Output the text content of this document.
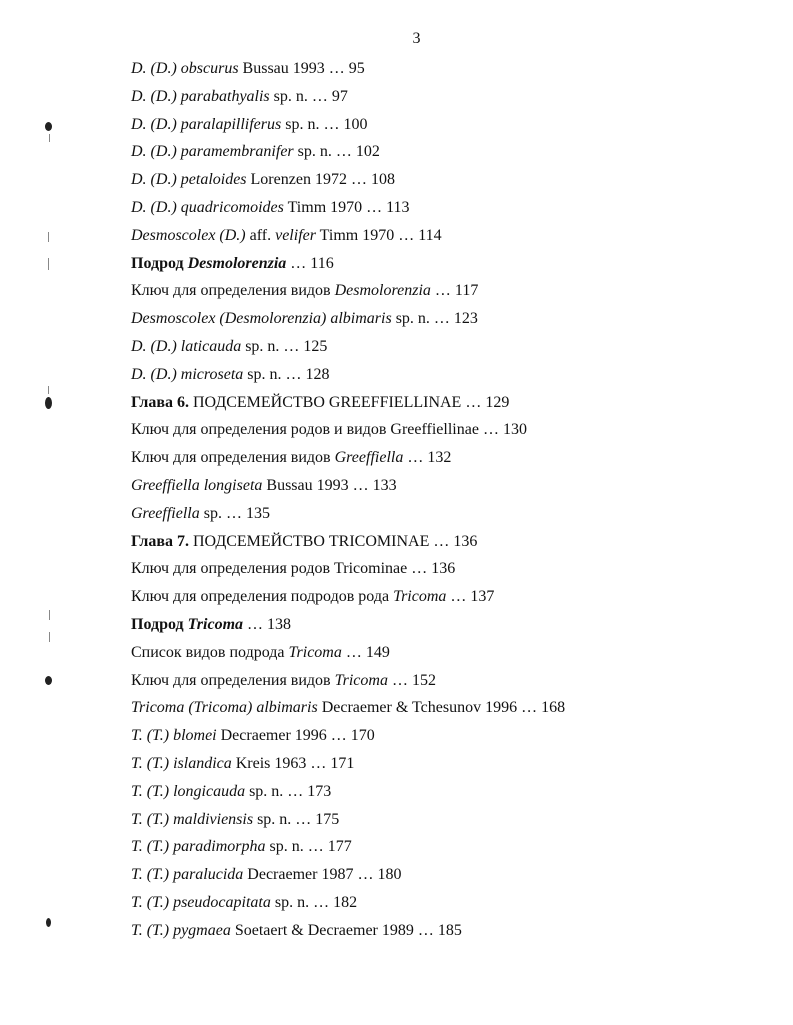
3
D. (D.) obscurus Bussau 1993 … 95
D. (D.) parabathyalis sp. n. … 97
D. (D.) paralapilliferus sp. n. … 100
D. (D.) paramembranifer sp. n. … 102
D. (D.) petaloides Lorenzen 1972 … 108
D. (D.) quadricomoides Timm 1970 … 113
Desmoscolex (D.) aff. velifer Timm 1970 … 114
Подрод Desmolorenzia … 116
Ключ для определения видов Desmolorenzia … 117
Desmoscolex (Desmolorenzia) albimaris sp. n. … 123
D. (D.) laticauda sp. n. … 125
D. (D.) microseta sp. n. … 128
Глава 6. ПОДСЕМЕЙСТВО GREEFFIELLINAE … 129
Ключ для определения родов и видов Greeffiellinae … 130
Ключ для определения видов Greeffiella … 132
Greeffiella longiseta Bussau 1993 … 133
Greeffiella sp. … 135
Глава 7. ПОДСЕМЕЙСТВО TRICOMINAE … 136
Ключ для определения родов Tricominae … 136
Ключ для определения подродов рода Tricoma … 137
Подрод Tricoma … 138
Список видов подрода Tricoma … 149
Ключ для определения видов Tricoma … 152
Tricoma (Tricoma) albimaris Decraemer & Tchesunov 1996 … 168
T. (T.) blomei Decraemer 1996 … 170
T. (T.) islandica Kreis 1963 … 171
T. (T.) longicauda sp. n. … 173
T. (T.) maldiviensis sp. n. … 175
T. (T.) paradimorpha sp. n. … 177
T. (T.) paralucida Decraemer 1987 … 180
T. (T.) pseudocapitata sp. n. … 182
T. (T.) pygmaea Soetaert & Decraemer 1989 … 185
